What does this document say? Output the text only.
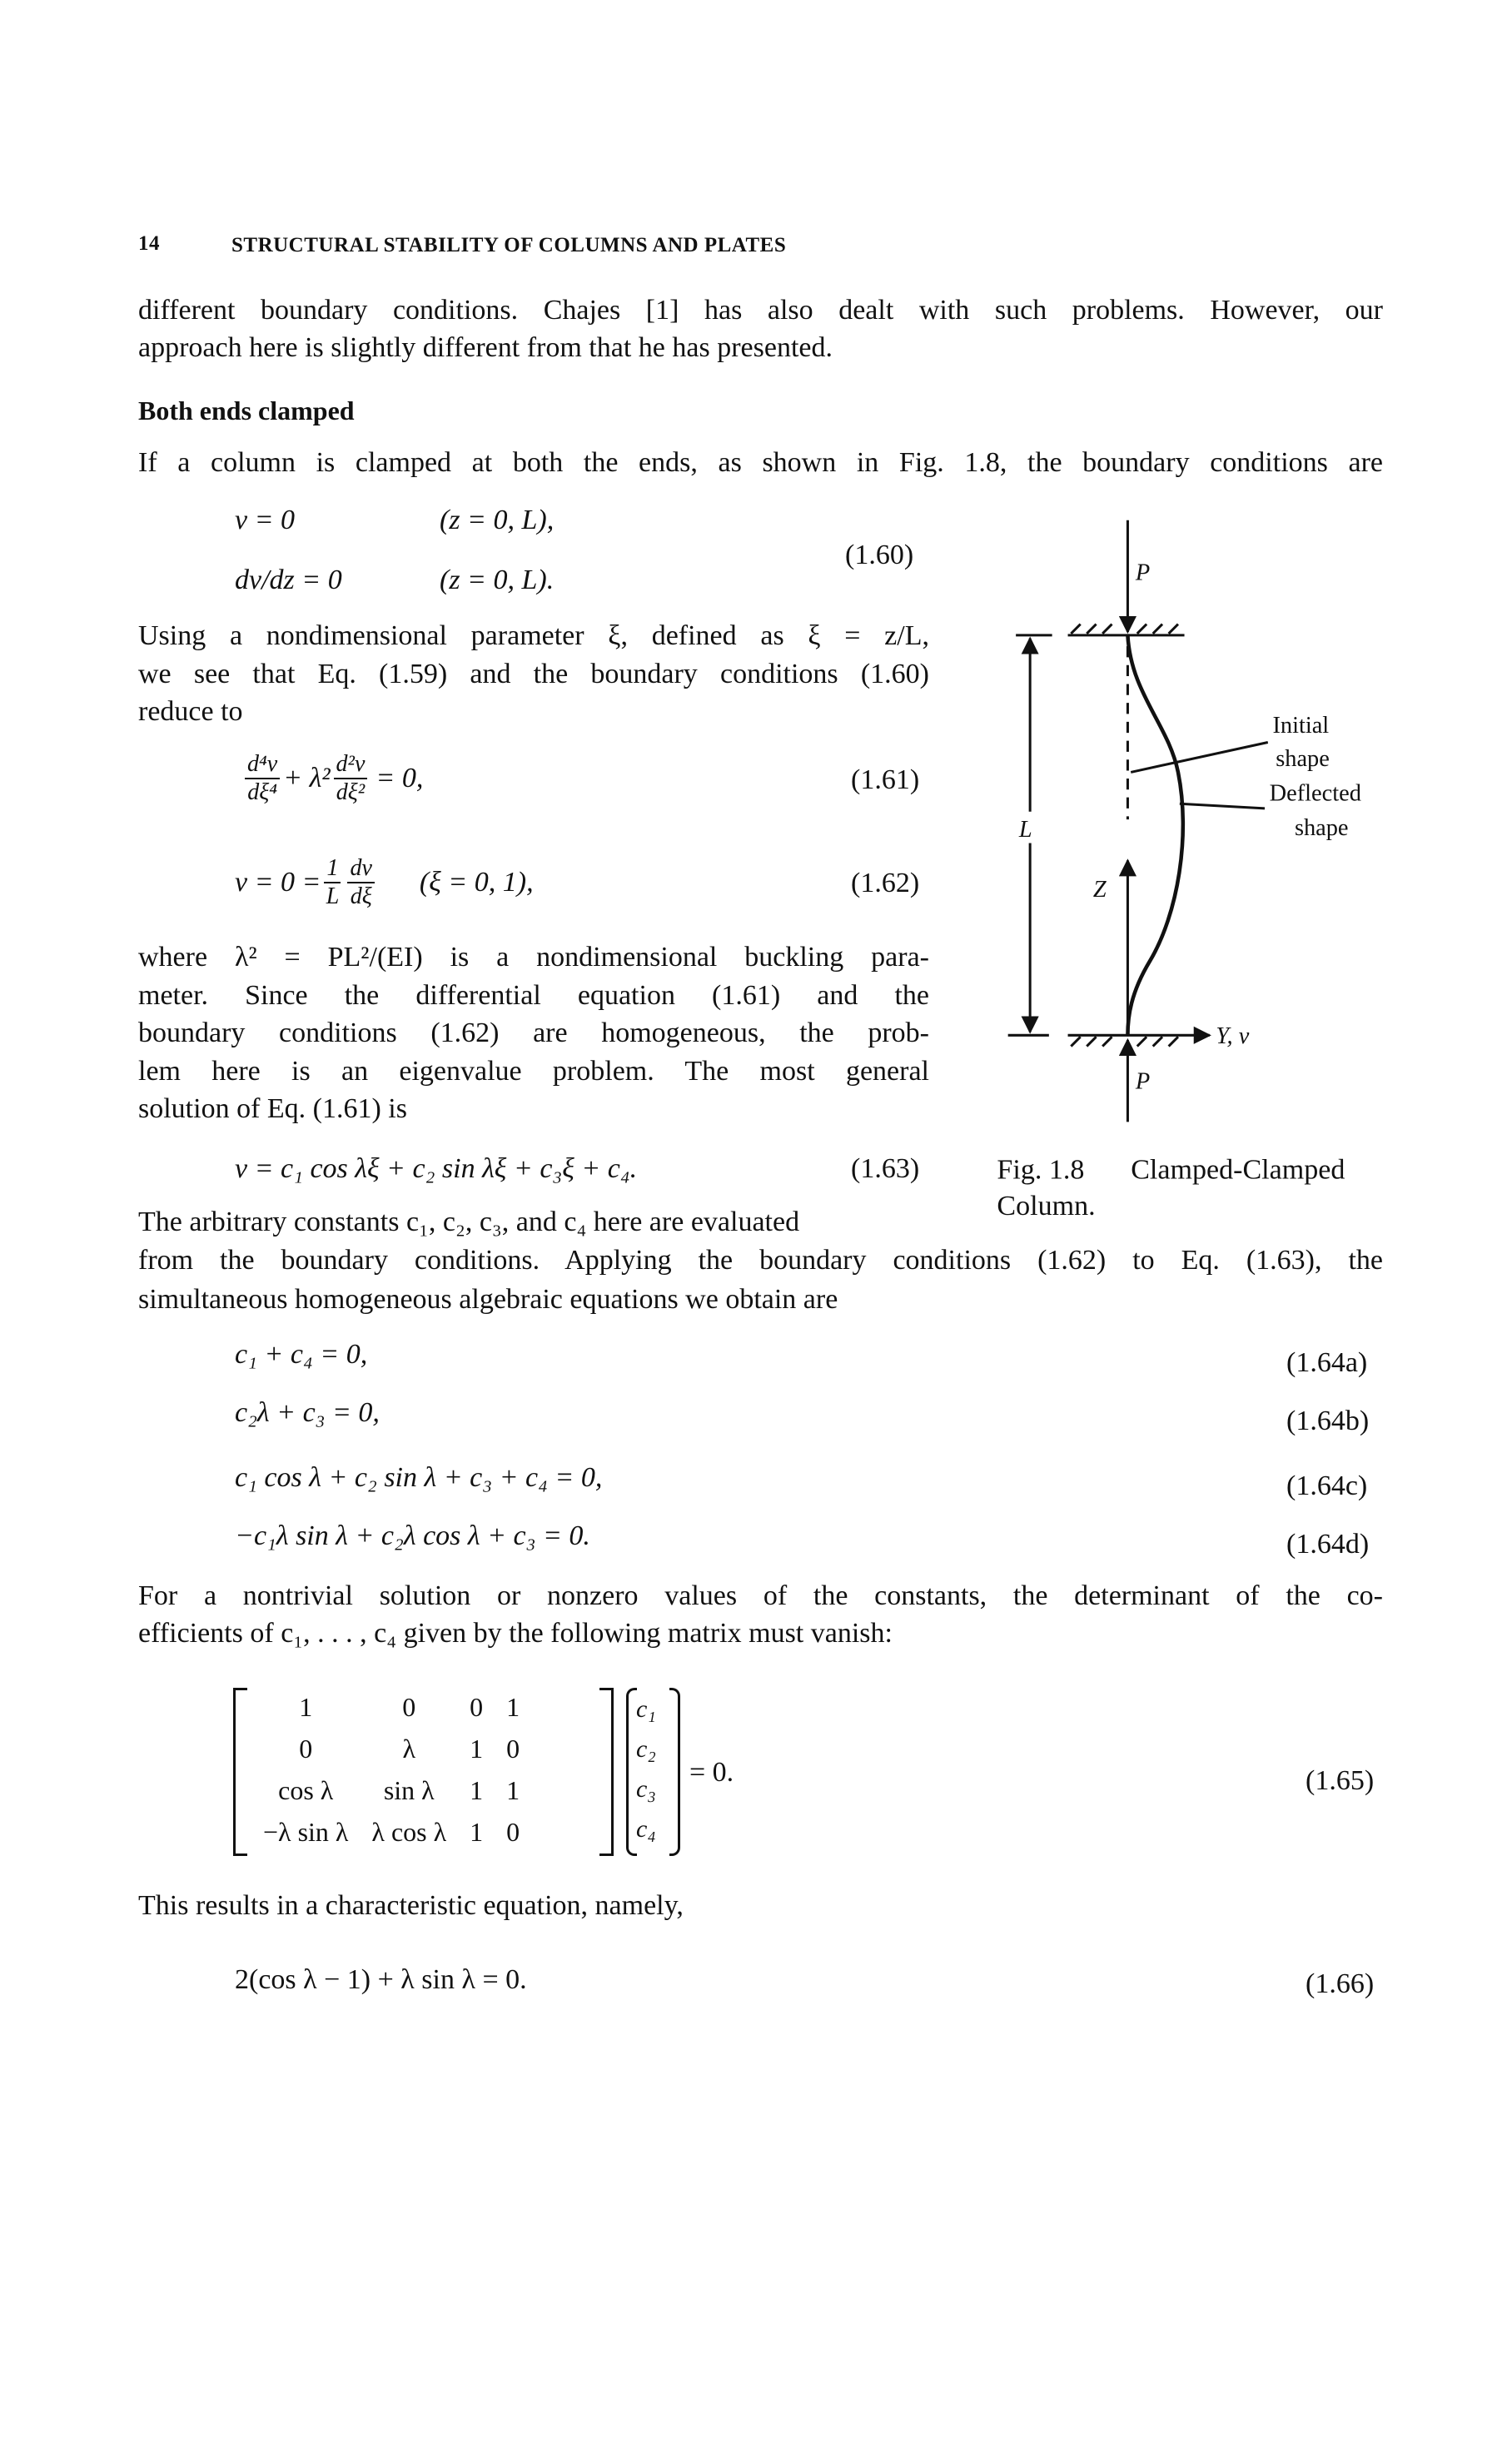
14	STRUCTURAL STABILITY OF COLUMNS AND PLATES
different boundary conditions. Chajes [1] has also dealt with such problems. However, our
approach here is slightly different from that he has presented.
Both ends clamped
If a column is clamped at both the ends, as shown in Fig. 1.8, the boundary conditions are
v = 0	(z = 0, L),
dv/dz = 0	(z = 0, L).
(1.60)
Using a nondimensional parameter ξ, defined as ξ = z/L,
we see that Eq. (1.59) and the boundary conditions (1.60)
reduce to
$\frac{\text{d⁴v}}{\text{dξ⁴}} + \lambda^2 \frac{\text{d²v}}{\text{dξ²}} = 0$,	(1.61)
$v = 0 = \frac{1}{L} \frac{dv}{d\xi} (\xi = 0$, 1),	(1.62)
where λ² = PL²/(EI) is a nondimensional buckling para-
meter. Since the differential equation (1.61) and the
boundary conditions (1.62) are homogeneous, the prob-
lem here is an eigenvalue problem. The most general
solution of Eq. (1.61) is
v = c₁ cos λξ + c₂ sin λξ + c₃ξ + c₄.	(1.63)
The arbitrary constants c₁, c₂, c₃, and c₄ here are evaluated
from the boundary conditions. Applying the boundary conditions (1.62) to Eq. (1.63), the
simultaneous homogeneous algebraic equations we obtain are
c₁ + c₄ = 0,	(1.64a)
c₂λ + c₃ = 0,	(1.64b)
c₁ cos λ + c₂ sin λ + c₃ + c₄ = 0,	(1.64c)
−c₁λ sin λ + c₂λ cos λ + c₃ = 0.	(1.64d)
For a nontrivial solution or nonzero values of the constants, the determinant of the co-
efficients of c₁, . . . , c₄ given by the following matrix must vanish:
1	0	0	1
0	λ	1	0
cos λ	sin λ	1	1
−λ sin λ	λ cos λ	1	0
c₁
c₂
c₃
c₄
= 0.	(1.65)
This results in a characteristic equation, namely,
2(cos λ − 1) + λ sin λ = 0.	(1.66)
P
P
L
Z
Y, v
Initial
shape
Deflected
shape
Fig. 1.8	Clamped-Clamped
Column.
